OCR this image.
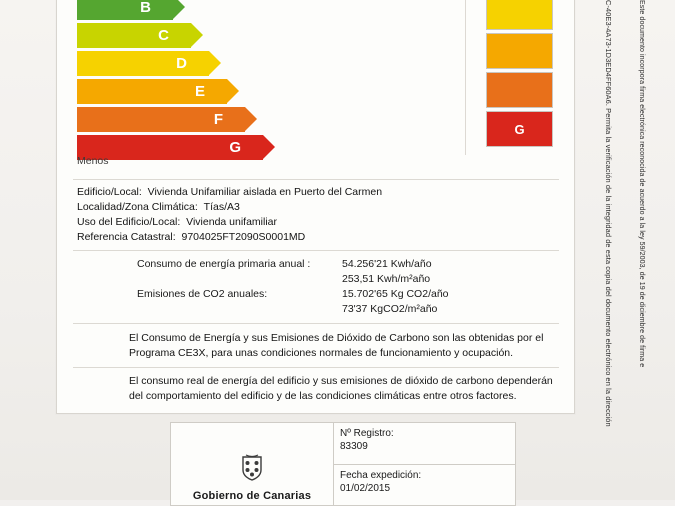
B
C
D
E
F
G
Menos
G
Edificio/Local: Vivienda Unifamiliar aislada en Puerto del Carmen
Localidad/Zona Climática: Tías/A3
Uso del Edificio/Local: Vivienda unifamiliar
Referencia Catastral: 9704025FT2090S0001MD
Consumo de energía primaria anual :	54.256'21 Kwh/año
253,51 Kwh/m²año
Emisiones de CO2 anuales:	15.702'65 Kg CO2/año
73'37 KgCO2/m²año
El Consumo de Energía y sus Emisiones de Dióxido de Carbono son las obtenidas por el Programa CE3X, para unas condiciones normales de funcionamiento y ocupación.
El consumo real de energía del edificio y sus emisiones de dióxido de carbono dependerán del comportamiento del edificio y de las condiciones climáticas entre otros factores.
Gobierno de Canarias
Nº Registro:
83309
Fecha expedición:
01/02/2015
C-40E3-4A73-1D3ED4FF60A6. Permita la verificación de la integridad de esta copia del documento electrónico en la dirección	Este documento incorpora firma electrónica reconocida de acuerdo a la ley 59/2003, de 19 de diciembre de firma e
